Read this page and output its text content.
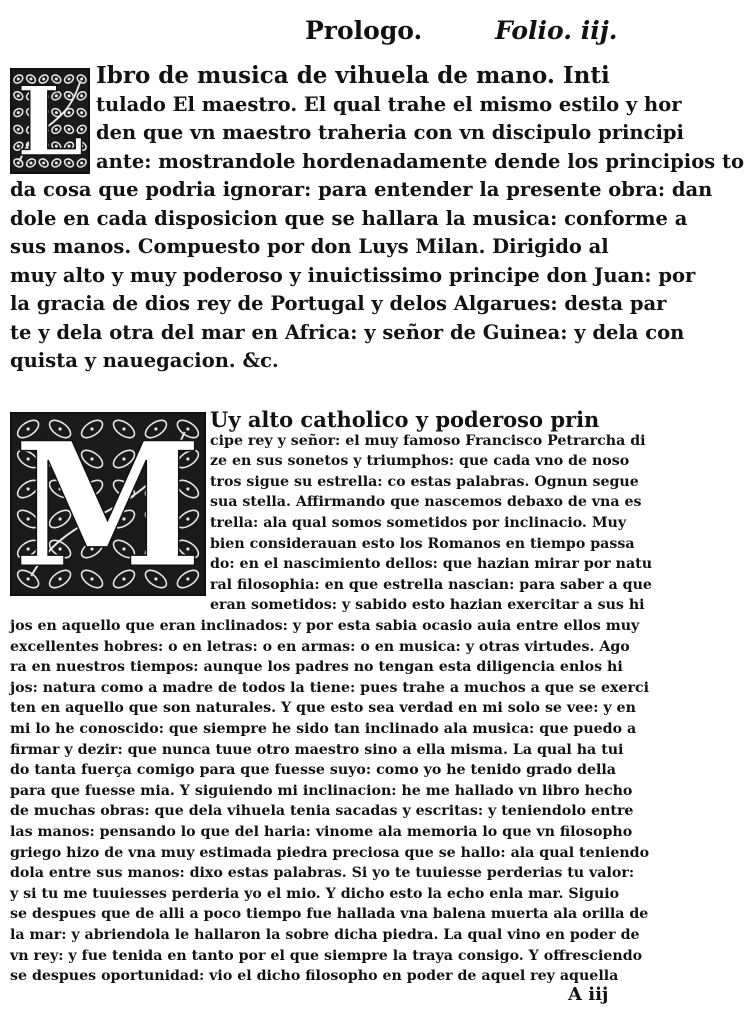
Prologo.	Folio. iij.
L Ibro de musica de vihuela de mano. Inti
tulado El maestro. El qual trahe el mismo estilo y hor
den que vn maestro traheria con vn discipulo principi
ante: mostrandole hordenadamente dende los principios to
da cosa que podria ignorar: para entender la presente obra: dan
dole en cada disposicion que se hallara la musica: conforme a
sus manos. Compuesto por don Luys Milan. Dirigido al
muy alto y muy poderoso y inuictissimo principe don Juan: por
la gracia de dios rey de Portugal y delos Algarues: desta par
te y dela otra del mar en Africa: y señor de Guinea: y dela con
quista y nauegacion. &c.
M Uy alto catholico y poderoso prin
cipe rey y señor: el muy famoso Francisco Petrarcha di
ze en sus sonetos y triumphos: que cada vno de noso
tros sigue su estrella: co estas palabras. Ognun segue
sua stella. Affirmando que nascemos debaxo de vna es
trella: ala qual somos sometidos por inclinacio. Muy
bien considerauan esto los Romanos en tiempo passa
do: en el nascimiento dellos: que hazian mirar por natu
ral filosophia: en que estrella nascian: para saber a que
eran sometidos: y sabido esto hazian exercitar a sus hi
jos en aquello que eran inclinados: y por esta sabia ocasio auia entre ellos muy
excellentes hobres: o en letras: o en armas: o en musica: y otras virtudes. Ago
ra en nuestros tiempos: aunque los padres no tengan esta diligencia enlos hi
jos: natura como a madre de todos la tiene: pues trahe a muchos a que se exerci
ten en aquello que son naturales. Y que esto sea verdad en mi solo se vee: y en
mi lo he conoscido: que siempre he sido tan inclinado ala musica: que puedo a
firmar y dezir: que nunca tuue otro maestro sino a ella misma. La qual ha tui
do tanta fuerça comigo para que fuesse suyo: como yo he tenido grado della
para que fuesse mia. Y siguiendo mi inclinacion: he me hallado vn libro hecho
de muchas obras: que dela vihuela tenia sacadas y escritas: y teniendolo entre
las manos: pensando lo que del haria: vinome ala memoria lo que vn filosopho
griego hizo de vna muy estimada piedra preciosa que se hallo: ala qual teniendo
dola entre sus manos: dixo estas palabras. Si yo te tuuiesse perderias tu valor:
y si tu me tuuiesses perderia yo el mio. Y dicho esto la echo enla mar. Siguio
se despues que de alli a poco tiempo fue hallada vna balena muerta ala orilla de
la mar: y abriendola le hallaron la sobre dicha piedra. La qual vino en poder de
vn rey: y fue tenida en tanto por el que siempre la traya consigo. Y offresciendo
se despues oportunidad: vio el dicho filosopho en poder de aquel rey aquella
A iij
